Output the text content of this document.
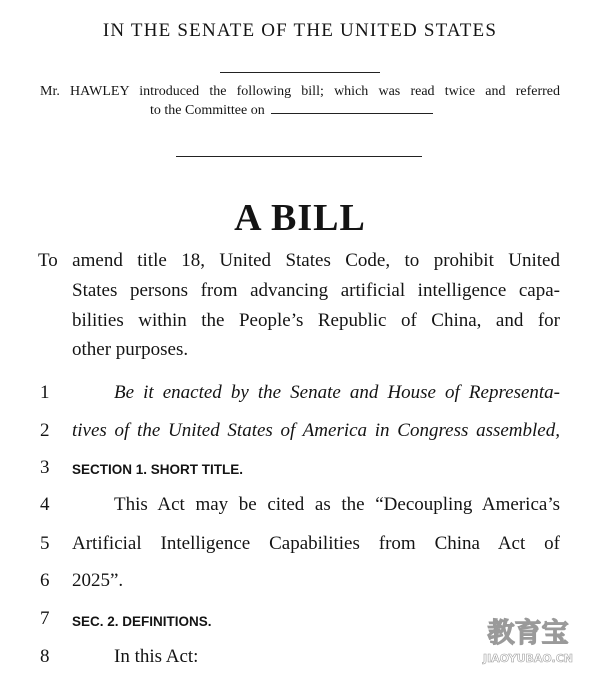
IN THE SENATE OF THE UNITED STATES
Mr. HAWLEY introduced the following bill; which was read twice and referred
to the Committee on
A BILL
To amend title 18, United States Code, to prohibit United
States persons from advancing artificial intelligence capa-
bilities within the People’s Republic of China, and for
other purposes.
1	Be it enacted by the Senate and House of Representa-
2	tives of the United States of America in Congress assembled,
3	SECTION 1. SHORT TITLE.
4	This Act may be cited as the “Decoupling America’s
5	Artificial Intelligence Capabilities from China Act of
6	2025”.
7	SEC. 2. DEFINITIONS.
8	In this Act:
教育宝
JIAOYUBAO.CN
